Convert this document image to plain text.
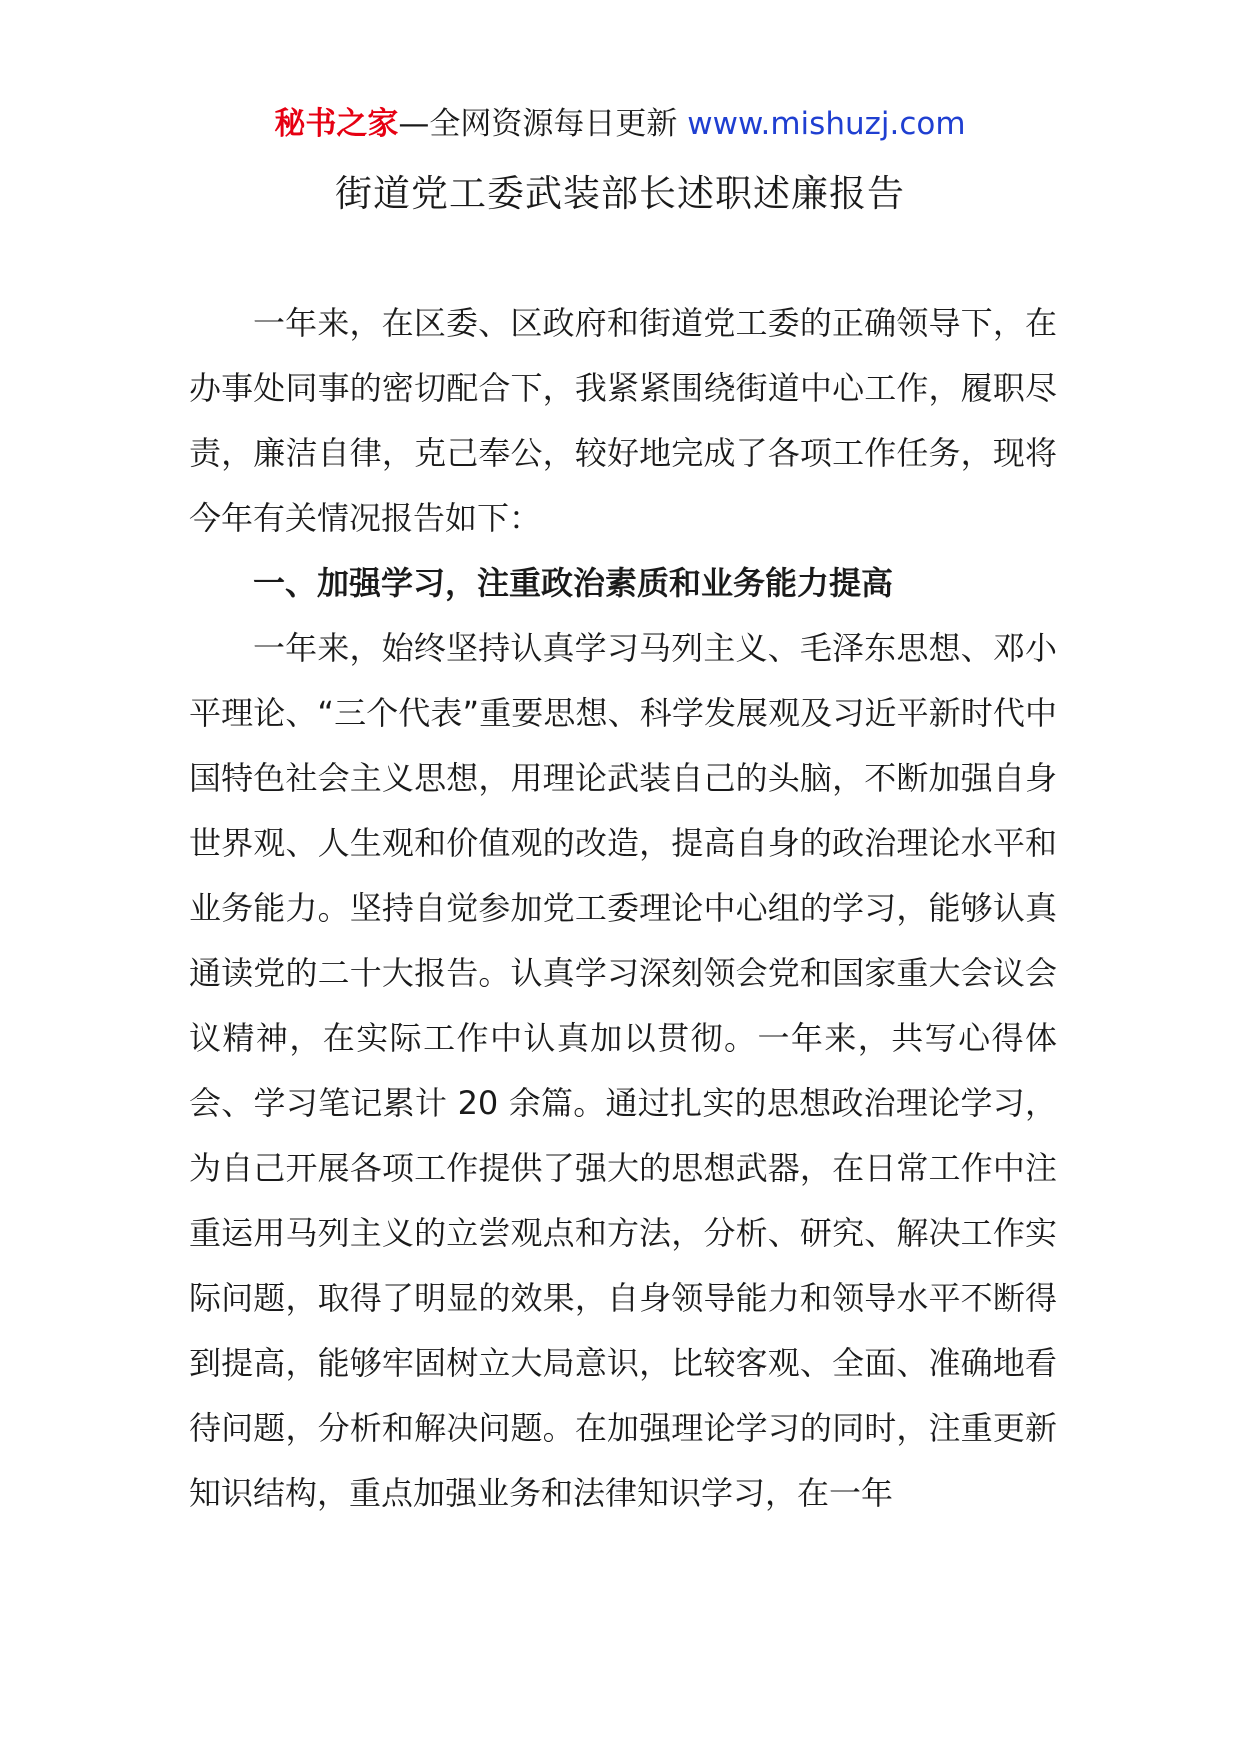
秘书之家—全网资源每日更新 www.mishuzj.com
街道党工委武装部长述职述廉报告

一年来，在区委、区政府和街道党工委的正确领导下，在办事处同事的密切配合下，我紧紧围绕街道中心工作，履职尽责，廉洁自律，克己奉公，较好地完成了各项工作任务，现将今年有关情况报告如下：

一、加强学习，注重政治素质和业务能力提高

一年来，始终坚持认真学习马列主义、毛泽东思想、邓小平理论、“三个代表”重要思想、科学发展观及习近平新时代中国特色社会主义思想，用理论武装自己的头脑，不断加强自身世界观、人生观和价值观的改造，提高自身的政治理论水平和业务能力。坚持自觉参加党工委理论中心组的学习，能够认真通读党的二十大报告。认真学习深刻领会党和国家重大会议会议精神，在实际工作中认真加以贯彻。一年来，共写心得体会、学习笔记累计 20 余篇。通过扎实的思想政治理论学习，为自己开展各项工作提供了强大的思想武器，在日常工作中注重运用马列主义的立尝观点和方法，分析、研究、解决工作实际问题，取得了明显的效果，自身领导能力和领导水平不断得到提高，能够牢固树立大局意识，比较客观、全面、准确地看待问题，分析和解决问题。在加强理论学习的同时，注重更新知识结构，重点加强业务和法律知识学习，在一年
